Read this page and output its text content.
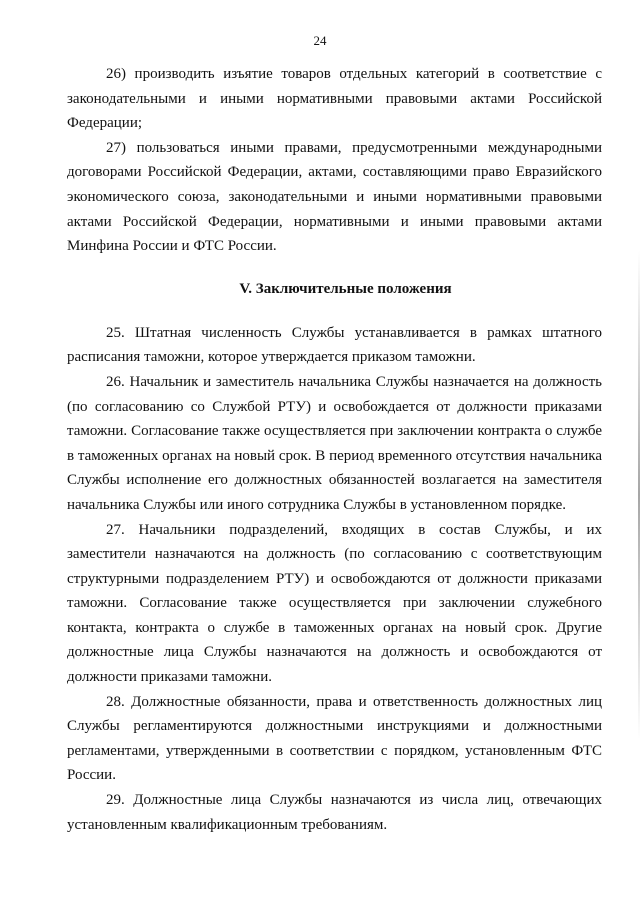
24

26) производить изъятие товаров отдельных категорий в соответствие с законодательными и иными нормативными правовыми актами Российской Федерации;

27) пользоваться иными правами, предусмотренными международными договорами Российской Федерации, актами, составляющими право Евразийского экономического союза, законодательными и иными нормативными правовыми актами Российской Федерации, нормативными и иными правовыми актами Минфина России и ФТС России.

V. Заключительные положения

25. Штатная численность Службы устанавливается в рамках штатного расписания таможни, которое утверждается приказом таможни.

26. Начальник и заместитель начальника Службы назначается на должность (по согласованию со Службой РТУ) и освобождается от должности приказами таможни. Согласование также осуществляется при заключении контракта о службе в таможенных органах на новый срок. В период временного отсутствия начальника Службы исполнение его должностных обязанностей возлагается на заместителя начальника Службы или иного сотрудника Службы в установленном порядке.

27. Начальники подразделений, входящих в состав Службы, и их заместители назначаются на должность (по согласованию с соответствующим структурными подразделением РТУ) и освобождаются от должности приказами таможни. Согласование также осуществляется при заключении служебного контакта, контракта о службе в таможенных органах на новый срок. Другие должностные лица Службы назначаются на должность и освобождаются от должности приказами таможни.

28. Должностные обязанности, права и ответственность должностных лиц Службы регламентируются должностными инструкциями и должностными регламентами, утвержденными в соответствии с порядком, установленным ФТС России.

29. Должностные лица Службы назначаются из числа лиц, отвечающих установленным квалификационным требованиям.
